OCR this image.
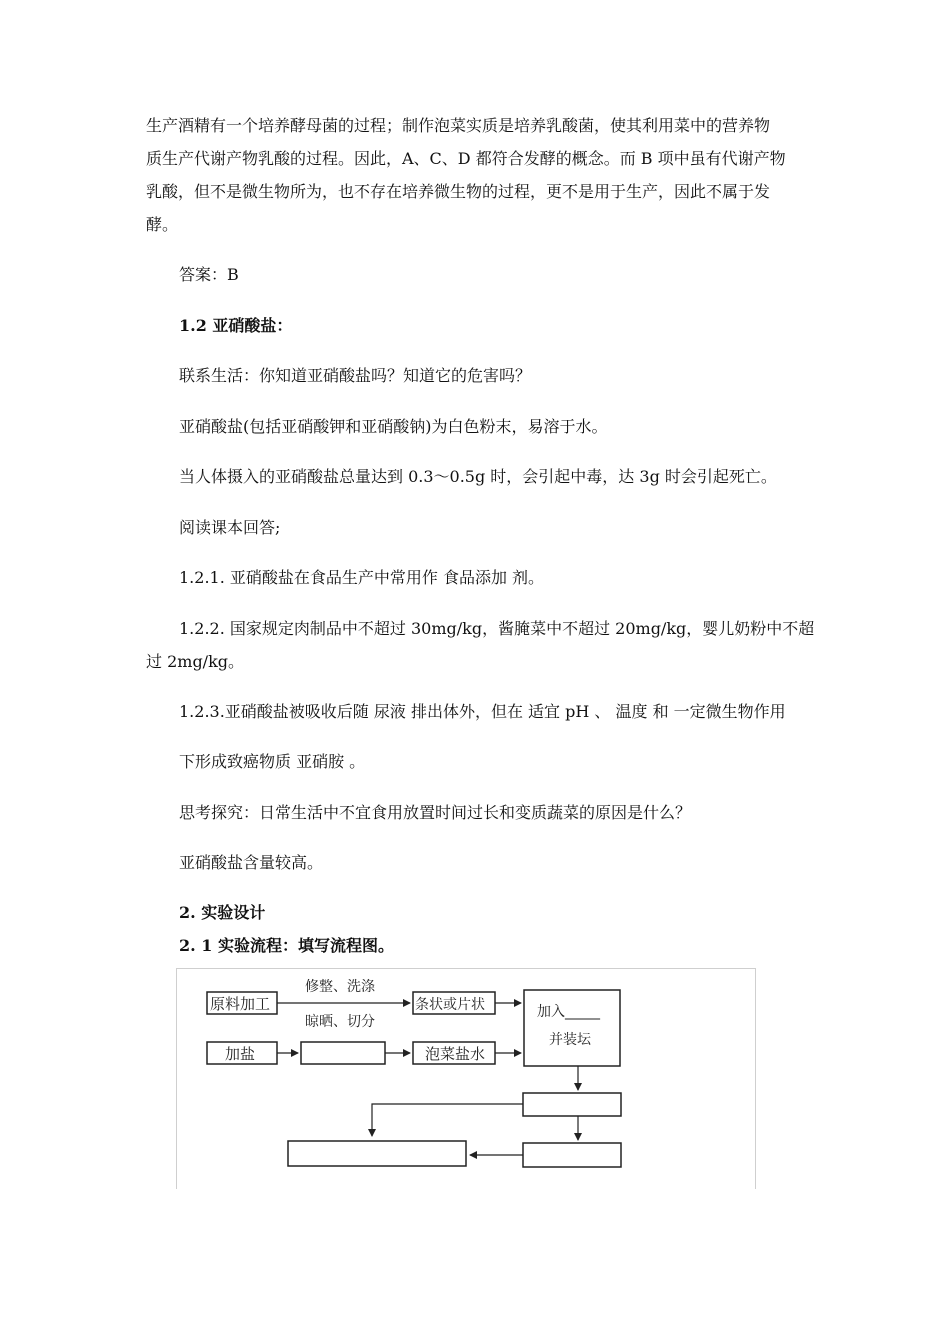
生产酒精有一个培养酵母菌的过程；制作泡菜实质是培养乳酸菌，使其利用菜中的营养物
质生产代谢产物乳酸的过程。因此，A、C、D 都符合发酵的概念。而 B 项中虽有代谢产物
乳酸，但不是微生物所为，也不存在培养微生物的过程，更不是用于生产，因此不属于发
酵。
答案：B
1.2 亚硝酸盐：
联系生活：你知道亚硝酸盐吗？知道它的危害吗？
亚硝酸盐(包括亚硝酸钾和亚硝酸钠)为白色粉末，易溶于水。
当人体摄入的亚硝酸盐总量达到 0.3～0.5g 时，会引起中毒，达 3g 时会引起死亡。
阅读课本回答;
1.2.1. 亚硝酸盐在食品生产中常用作 食品添加 剂。
1.2.2. 国家规定肉制品中不超过 30mg/kg，酱腌菜中不超过 20mg/kg，婴儿奶粉中不超
过 2mg/kg。
1.2.3.亚硝酸盐被吸收后随 尿液 排出体外，但在 适宜 pH 、 温度 和 一定微生物作用
下形成致癌物质 亚硝胺 。
思考探究：日常生活中不宜食用放置时间过长和变质蔬菜的原因是什么？
亚硝酸盐含量较高。
2. 实验设计
2. 1 实验流程：填写流程图。
原料加工
修整、洗涤
晾晒、切分
条状或片状	加入_____
并装坛
加盐	泡菜盐水
